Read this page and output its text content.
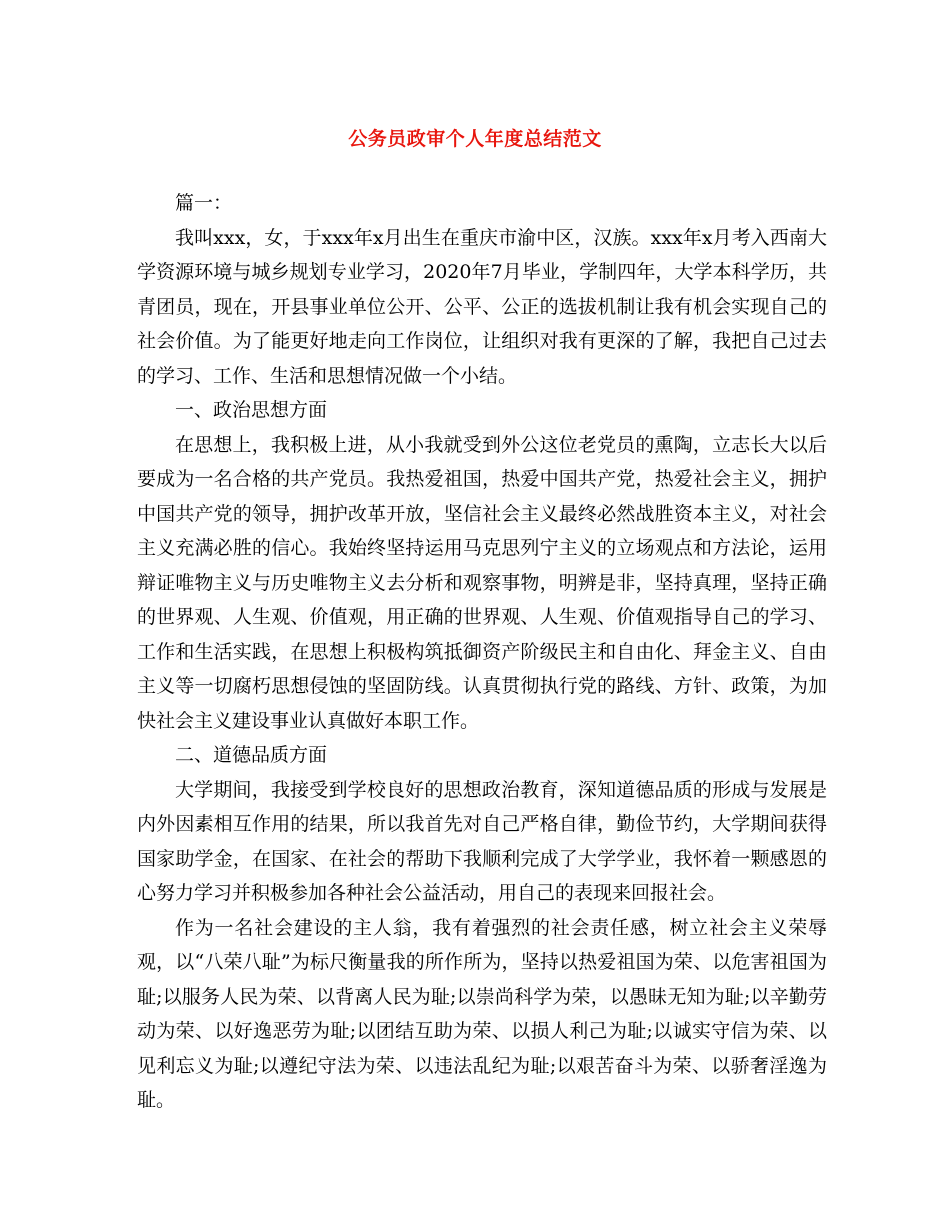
公务员政审个人年度总结范文

篇一：

我叫xxx，女，于xxx年x月出生在重庆市渝中区，汉族。xxx年x月考入西南大学资源环境与城乡规划专业学习，2020年7月毕业，学制四年，大学本科学历，共青团员，现在，开县事业单位公开、公平、公正的选拔机制让我有机会实现自己的社会价值。为了能更好地走向工作岗位，让组织对我有更深的了解，我把自己过去的学习、工作、生活和思想情况做一个小结。

一、政治思想方面

在思想上，我积极上进，从小我就受到外公这位老党员的熏陶，立志长大以后要成为一名合格的共产党员。我热爱祖国，热爱中国共产党，热爱社会主义，拥护中国共产党的领导，拥护改革开放，坚信社会主义最终必然战胜资本主义，对社会主义充满必胜的信心。我始终坚持运用马克思列宁主义的立场观点和方法论，运用辩证唯物主义与历史唯物主义去分析和观察事物，明辨是非，坚持真理，坚持正确的世界观、人生观、价值观，用正确的世界观、人生观、价值观指导自己的学习、工作和生活实践，在思想上积极构筑抵御资产阶级民主和自由化、拜金主义、自由主义等一切腐朽思想侵蚀的坚固防线。认真贯彻执行党的路线、方针、政策，为加快社会主义建设事业认真做好本职工作。

二、道德品质方面

大学期间，我接受到学校良好的思想政治教育，深知道德品质的形成与发展是内外因素相互作用的结果，所以我首先对自己严格自律，勤俭节约，大学期间获得国家助学金，在国家、在社会的帮助下我顺利完成了大学学业，我怀着一颗感恩的心努力学习并积极参加各种社会公益活动，用自己的表现来回报社会。

作为一名社会建设的主人翁，我有着强烈的社会责任感，树立社会主义荣辱观，以“八荣八耻”为标尺衡量我的所作所为，坚持以热爱祖国为荣、以危害祖国为耻;以服务人民为荣、以背离人民为耻;以崇尚科学为荣，以愚昧无知为耻;以辛勤劳动为荣、以好逸恶劳为耻;以团结互助为荣、以损人利己为耻;以诚实守信为荣、以见利忘义为耻;以遵纪守法为荣、以违法乱纪为耻;以艰苦奋斗为荣、以骄奢淫逸为耻。
